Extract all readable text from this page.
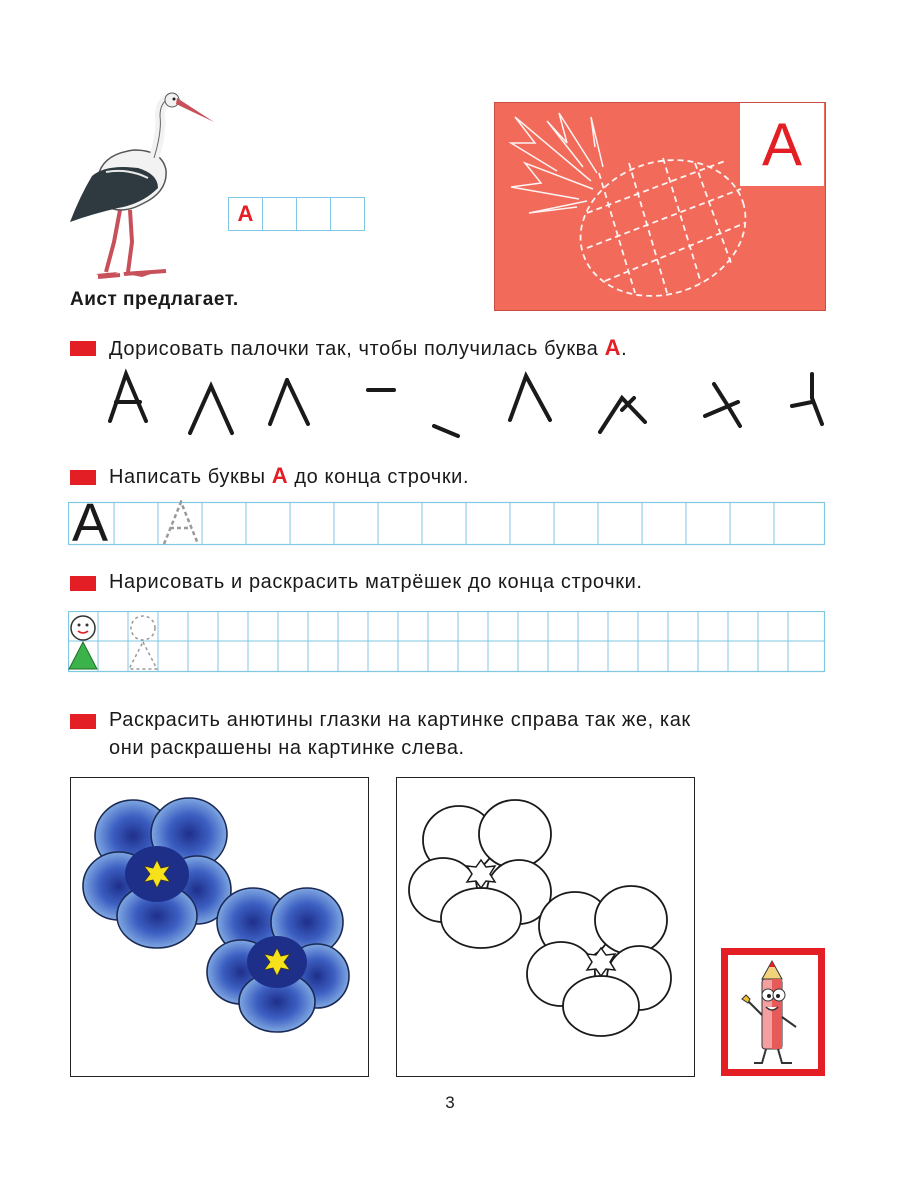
А			
Аист предлагает.
А
Дорисовать палочки так, чтобы получилась буква А.
Написать буквы А до конца строчки.
А
Нарисовать и раскрасить матрёшек до конца строчки.
Раскрасить анютины глазки на картинке справа так же, как
они раскрашены на картинке слева.
3
